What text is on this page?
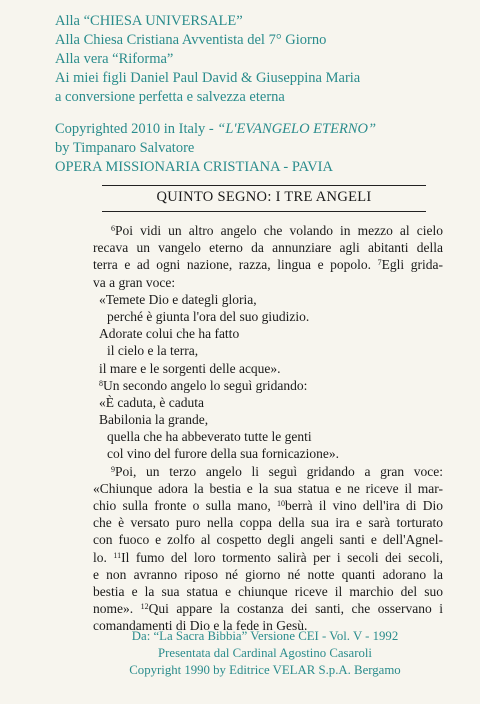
Alla “CHIESA UNIVERSALE”
Alla Chiesa Cristiana Avventista del 7° Giorno
Alla vera “Riforma”
Ai miei figli Daniel Paul David & Giuseppina Maria
a conversione perfetta e salvezza eterna
Copyrighted 2010 in Italy - “L'EVANGELO ETERNO”
by Timpanaro Salvatore
OPERA MISSIONARIA CRISTIANA - PAVIA
QUINTO SEGNO: I TRE ANGELI
$^6$Poi vidi un altro angelo che volando in mezzo al cielo
recava un vangelo eterno da annunziare agli abitanti della
terra e ad ogni nazione, razza, lingua e popolo. $^7$Egli grida-
va a gran voce:
«Temete Dio e dategli gloria,
perché è giunta l'ora del suo giudizio.
Adorate colui che ha fatto
il cielo e la terra,
il mare e le sorgenti delle acque».
$^8$Un secondo angelo lo seguì gridando:
«È caduta, è caduta
Babilonia la grande,
quella che ha abbeverato tutte le genti
col vino del furore della sua fornicazione».
$^9$Poi, un terzo angelo li seguì gridando a gran voce:
«Chiunque adora la bestia e la sua statua e ne riceve il mar-
chio sulla fronte o sulla mano, $^{10}$berrà il vino dell'ira di Dio
che è versato puro nella coppa della sua ira e sarà torturato
con fuoco e zolfo al cospetto degli angeli santi e dell'Agnel-
lo. $^{11}$Il fumo del loro tormento salirà per i secoli dei secoli,
e non avranno riposo né giorno né notte quanti adorano la
bestia e la sua statua e chiunque riceve il marchio del suo
nome». $^{12}$Qui appare la costanza dei santi, che osservano i
comandamenti di Dio e la fede in Gesù.
Da: “La Sacra Bibbia” Versione CEI - Vol. V - 1992
Presentata dal Cardinal Agostino Casaroli
Copyright 1990 by Editrice VELAR S.p.A. Bergamo
